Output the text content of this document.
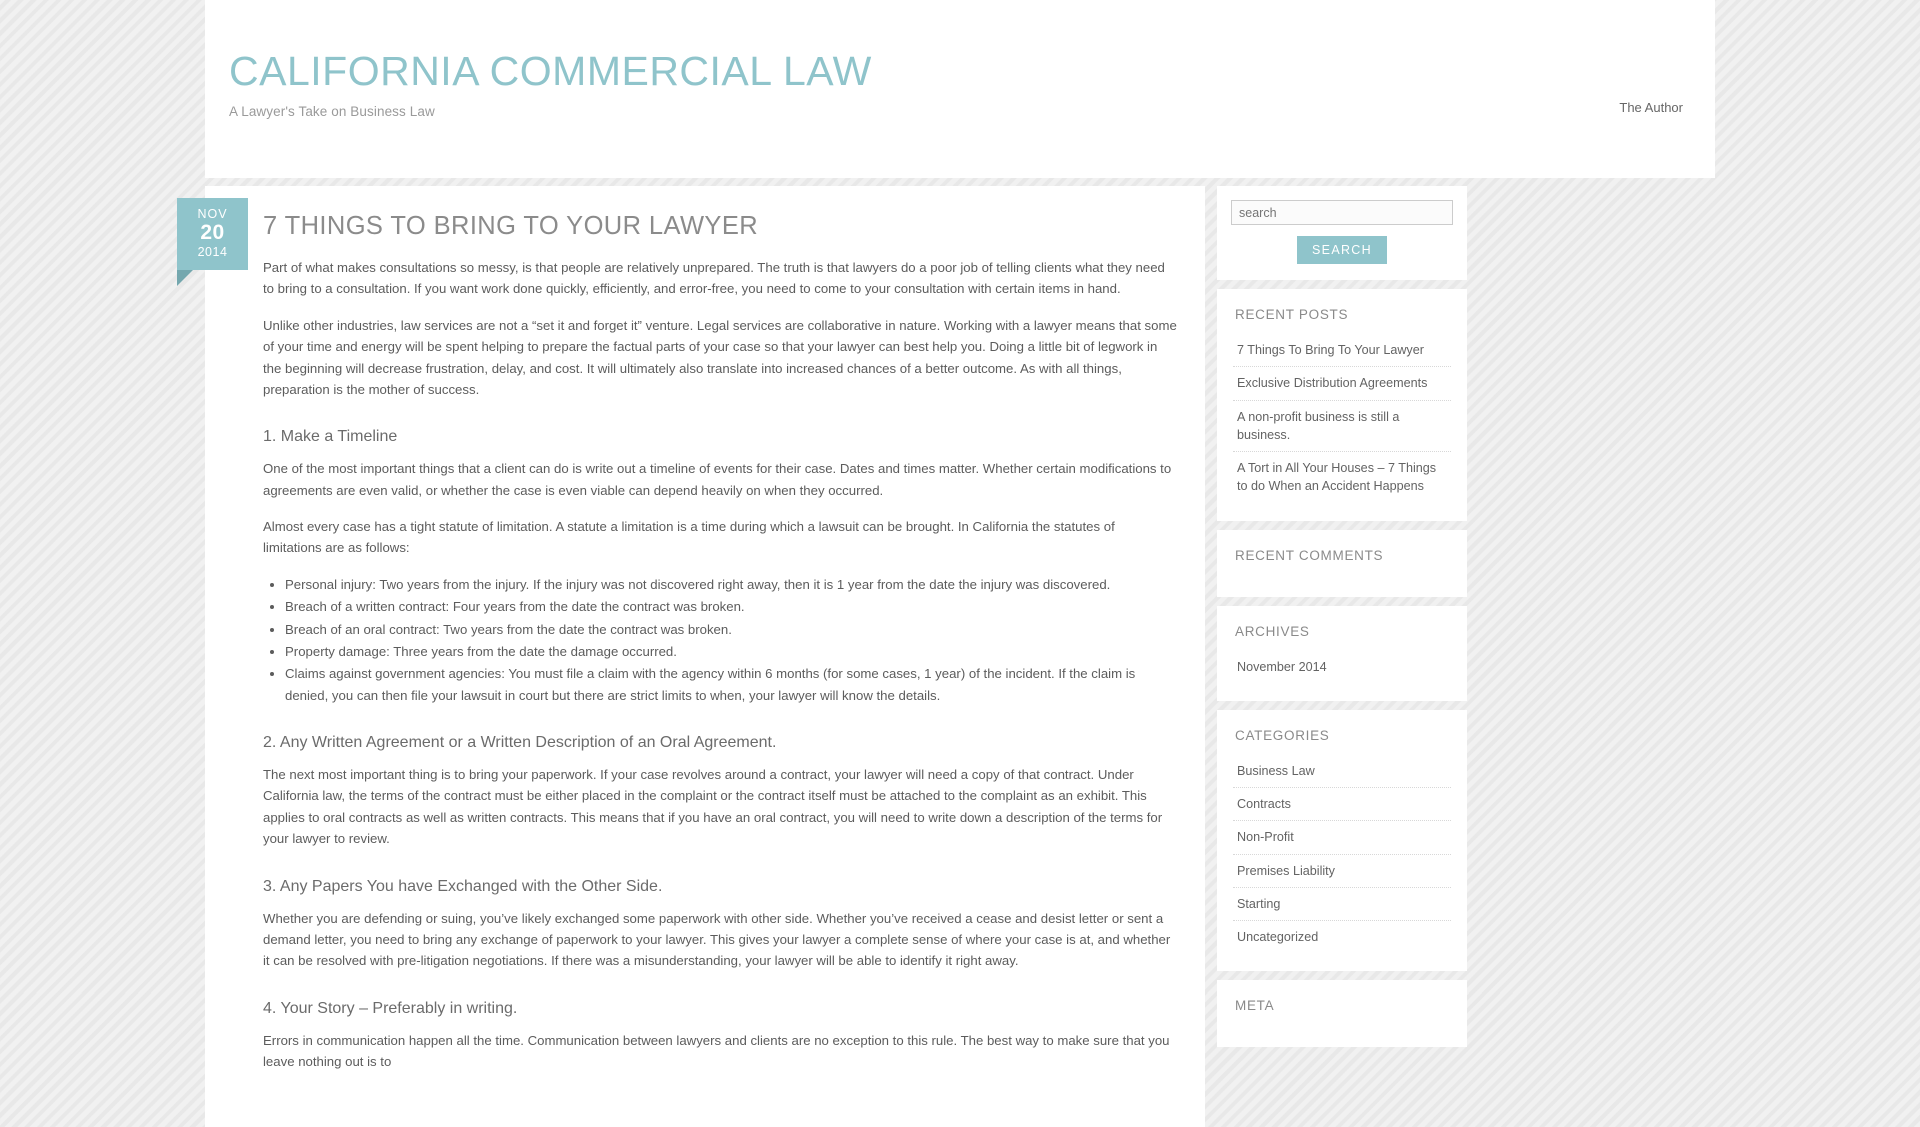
CALIFORNIA COMMERCIAL LAW
A Lawyer's Take on Business Law	The Author
NOV
20
2014
7 THINGS TO BRING TO YOUR LAWYER

Part of what makes consultations so messy, is that people are relatively unprepared. The truth is that lawyers do a poor job of telling clients what they need to bring to a consultation. If you want work done quickly, efficiently, and error-free, you need to come to your consultation with certain items in hand.

Unlike other industries, law services are not a “set it and forget it” venture. Legal services are collaborative in nature. Working with a lawyer means that some of your time and energy will be spent helping to prepare the factual parts of your case so that your lawyer can best help you. Doing a little bit of legwork in the beginning will decrease frustration, delay, and cost. It will ultimately also translate into increased chances of a better outcome. As with all things, preparation is the mother of success.

1. Make a Timeline

One of the most important things that a client can do is write out a timeline of events for their case. Dates and times matter. Whether certain modifications to agreements are even valid, or whether the case is even viable can depend heavily on when they occurred.

Almost every case has a tight statute of limitation. A statute a limitation is a time during which a lawsuit can be brought. In California the statutes of limitations are as follows:

• Personal injury: Two years from the injury. If the injury was not discovered right away, then it is 1 year from the date the injury was discovered.
• Breach of a written contract: Four years from the date the contract was broken.
• Breach of an oral contract: Two years from the date the contract was broken.
• Property damage: Three years from the date the damage occurred.
• Claims against government agencies: You must file a claim with the agency within 6 months (for some cases, 1 year) of the incident. If the claim is denied, you can then file your lawsuit in court but there are strict limits to when, your lawyer will know the details.
2. Any Written Agreement or a Written Description of an Oral Agreement.

The next most important thing is to bring your paperwork. If your case revolves around a contract, your lawyer will need a copy of that contract. Under California law, the terms of the contract must be either placed in the complaint or the contract itself must be attached to the complaint as an exhibit. This applies to oral contracts as well as written contracts. This means that if you have an oral contract, you will need to write down a description of the terms for your lawyer to review.

3. Any Papers You have Exchanged with the Other Side.

Whether you are defending or suing, you’ve likely exchanged some paperwork with other side. Whether you’ve received a cease and desist letter or sent a demand letter, you need to bring any exchange of paperwork to your lawyer. This gives your lawyer a complete sense of where your case is at, and whether it can be resolved with pre-litigation negotiations. If there was a misunderstanding, your lawyer will be able to identify it right away.

4. Your Story – Preferably in writing.

Errors in communication happen all the time. Communication between lawyers and clients are no exception to this rule. The best way to make sure that you leave nothing out is to

search
SEARCH
RECENT POSTS
7 Things To Bring To Your Lawyer
Exclusive Distribution Agreements
A non-profit business is still a business.
A Tort in All Your Houses – 7 Things to do When an Accident Happens
RECENT COMMENTS
ARCHIVES
November 2014
CATEGORIES
Business Law
Contracts
Non-Profit
Premises Liability
Starting
Uncategorized
META
